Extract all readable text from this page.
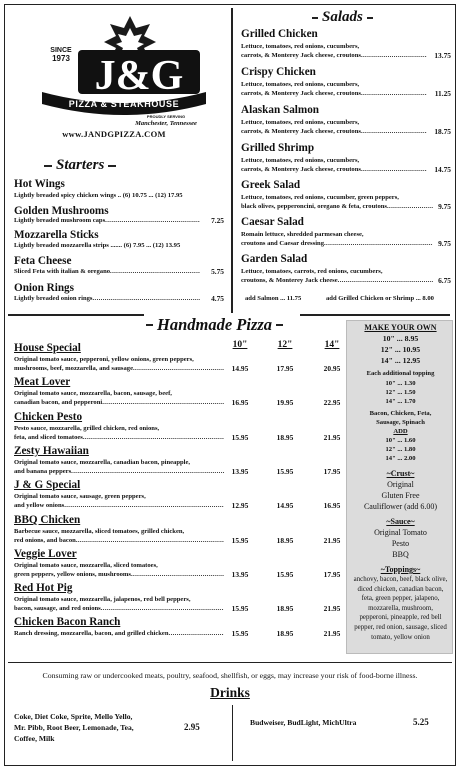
J&G
SINCE
1973
PIZZA & STEAKHOUSE
PROUDLY SERVING
Manchester, Tennessee
www.JANDGPIZZA.COM
Starters
Hot Wings
Lightly breaded spicy chicken wings .. (6) 10.75 ... (12) 17.95
Golden Mushrooms
Lightly breaded mushroom caps .....	7.25
Mozzarella Sticks
Lightly breaded mozzarella strips ....... (6) 7.95 ... (12) 13.95
Feta Cheese
Sliced Feta with italian & oregano .....	5.75
Onion Rings
Lightly breaded onion rings .....	4.75
Salads
Grilled Chicken
Lettuce, tomatoes, red onions, cucumbers,
carrots, & Monterey Jack cheese, croutons .....	13.75
Crispy Chicken
Lettuce, tomatoes, red onions, cucumbers,
carrots, & Monterey Jack cheese, croutons .....	11.25
Alaskan Salmon
Lettuce, tomatoes, red onions, cucumbers,
carrots, & Monterey Jack cheese, croutons .....	18.75
Grilled Shrimp
Lettuce, tomatoes, red onions, cucumbers,
carrots, & Monterey Jack cheese, croutons .....	14.75
Greek Salad
Lettuce, tomatoes, red onions, cucumber, green peppers,
black olives, pepperoncini, oregano & feta, croutons .....	9.75
Caesar Salad
Romain lettuce, shredded parmesan cheese,
croutons and Caesar dressing .....	9.75
Garden Salad
Lettuce, tomatoes, carrots, red onions, cucumbers,
croutons, & Monterey Jack cheese .....	6.75
add Salmon ... 11.75	add Grilled Chicken or Shrimp ... 8.00
Handmade Pizza
10"	12"	14"
House Special
Original tomato sauce, pepperoni, yellow onions, green peppers,
mushrooms, beef, mozzarella, and sausage .....	14.95	17.95	20.95
Meat Lover
Original tomato sauce, mozzarella, bacon, sausage, beef,
canadian bacon, and pepperoni .....	16.95	19.95	22.95
Chicken Pesto
Pesto sauce, mozzarella, grilled chicken, red onions,
feta, and sliced tomatoes .....	15.95	18.95	21.95
Zesty Hawaiian
Original tomato sauce, mozzarella, canadian bacon, pineapple,
and banana peppers .....	13.95	15.95	17.95
J & G Special
Original tomato sauce, sausage, green peppers,
and yellow onions .....	12.95	14.95	16.95
BBQ Chicken
Barbecue sauce, mozzarella, sliced tomatoes, grilled chicken,
red onions, and bacon .....	15.95	18.95	21.95
Veggie Lover
Original tomato sauce, mozzarella, sliced tomatoes,
green peppers, yellow onions, mushrooms .....	13.95	15.95	17.95
Red Hot Pig
Original tomato sauce, mozzarella, jalapenos, red bell peppers,
bacon, sausage, and red onions .....	15.95	18.95	21.95
Chicken Bacon Ranch
Ranch dressing, mozzarella, bacon, and grilled chicken .....	15.95	18.95	21.95
MAKE YOUR OWN
10" ... 8.95
12" ... 10.95
14" ... 12.95
Each additional topping
10" ... 1.30
12" ... 1.50
14" ... 1.70
Bacon, Chicken, Feta,
Sausage, Spinach
ADD
10" ... 1.60
12" ... 1.80
14" ... 2.00
~Crust~
Original
Gluten Free
Cauliflower (add 6.00)
~Sauce~
Original Tomato
Pesto
BBQ
~Toppings~
anchovy, bacon, beef, black olive, diced chicken, canadian bacon, feta, green pepper, jalapeno, mozzarella, mushroom, pepperoni, pineapple, red bell pepper, red onion, sausage, sliced tomato, yellow onion
Consuming raw or undercooked meats, poultry, seafood, shellfish, or eggs, may increase your risk of food-borne illness.
Drinks
Coke, Diet Coke, Sprite, Mello Yello,
Mr. Pibb, Root Beer, Lemonade, Tea,
Coffee, Milk
2.95	Budweiser, BudLight, MichUltra	5.25
